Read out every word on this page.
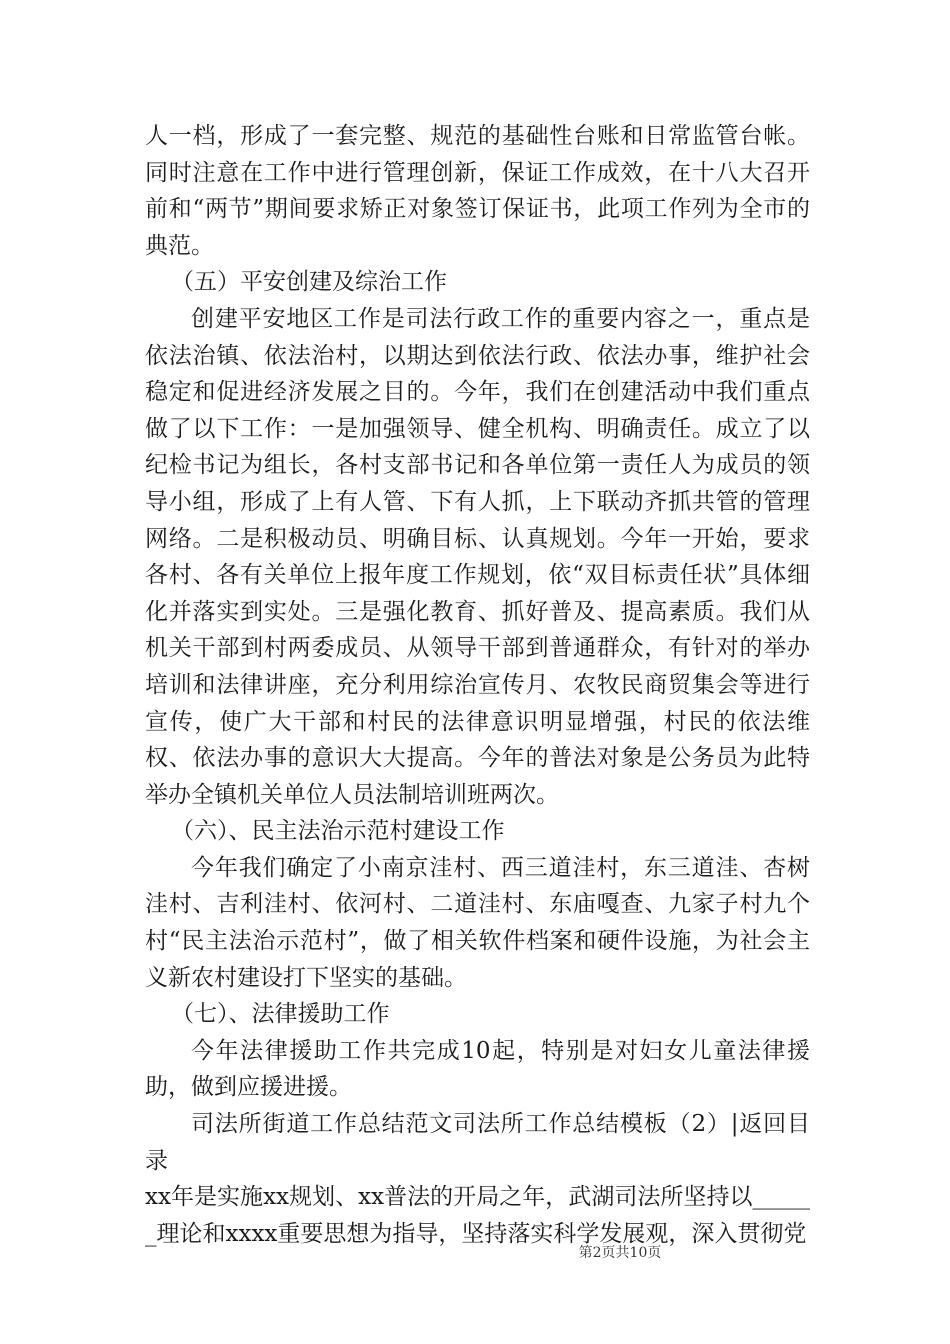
人一档，形成了一套完整、规范的基础性台账和日常监管台帐。同时注意在工作中进行管理创新，保证工作成效，在十八大召开前和“两节”期间要求矫正对象签订保证书，此项工作列为全市的典范。

（五）平安创建及综治工作

创建平安地区工作是司法行政工作的重要内容之一，重点是依法治镇、依法治村，以期达到依法行政、依法办事，维护社会稳定和促进经济发展之目的。今年，我们在创建活动中我们重点做了以下工作：一是加强领导、健全机构、明确责任。成立了以纪检书记为组长，各村支部书记和各单位第一责任人为成员的领导小组，形成了上有人管、下有人抓，上下联动齐抓共管的管理网络。二是积极动员、明确目标、认真规划。今年一开始，要求各村、各有关单位上报年度工作规划，依“双目标责任状”具体细化并落实到实处。三是强化教育、抓好普及、提高素质。我们从机关干部到村两委成员、从领导干部到普通群众，有针对的举办培训和法律讲座，充分利用综治宣传月、农牧民商贸集会等进行宣传，使广大干部和村民的法律意识明显增强，村民的依法维权、依法办事的意识大大提高。今年的普法对象是公务员为此特举办全镇机关单位人员法制培训班两次。

（六）、民主法治示范村建设工作

今年我们确定了小南京洼村、西三道洼村，东三道洼、杏树洼村、吉利洼村、依河村、二道洼村、东庙嘎查、九家子村九个村“民主法治示范村”，做了相关软件档案和硬件设施，为社会主义新农村建设打下坚实的基础。

（七）、法律援助工作

今年法律援助工作共完成10起，特别是对妇女儿童法律援助，做到应援进援。

司法所街道工作总结范文司法所工作总结模板（2）|返回目录

xx年是实施xx规划、xx普法的开局之年，武湖司法所坚持以______理论和xxxx重要思想为指导，坚持落实科学发展观，深入贯彻党

第2页共10页
